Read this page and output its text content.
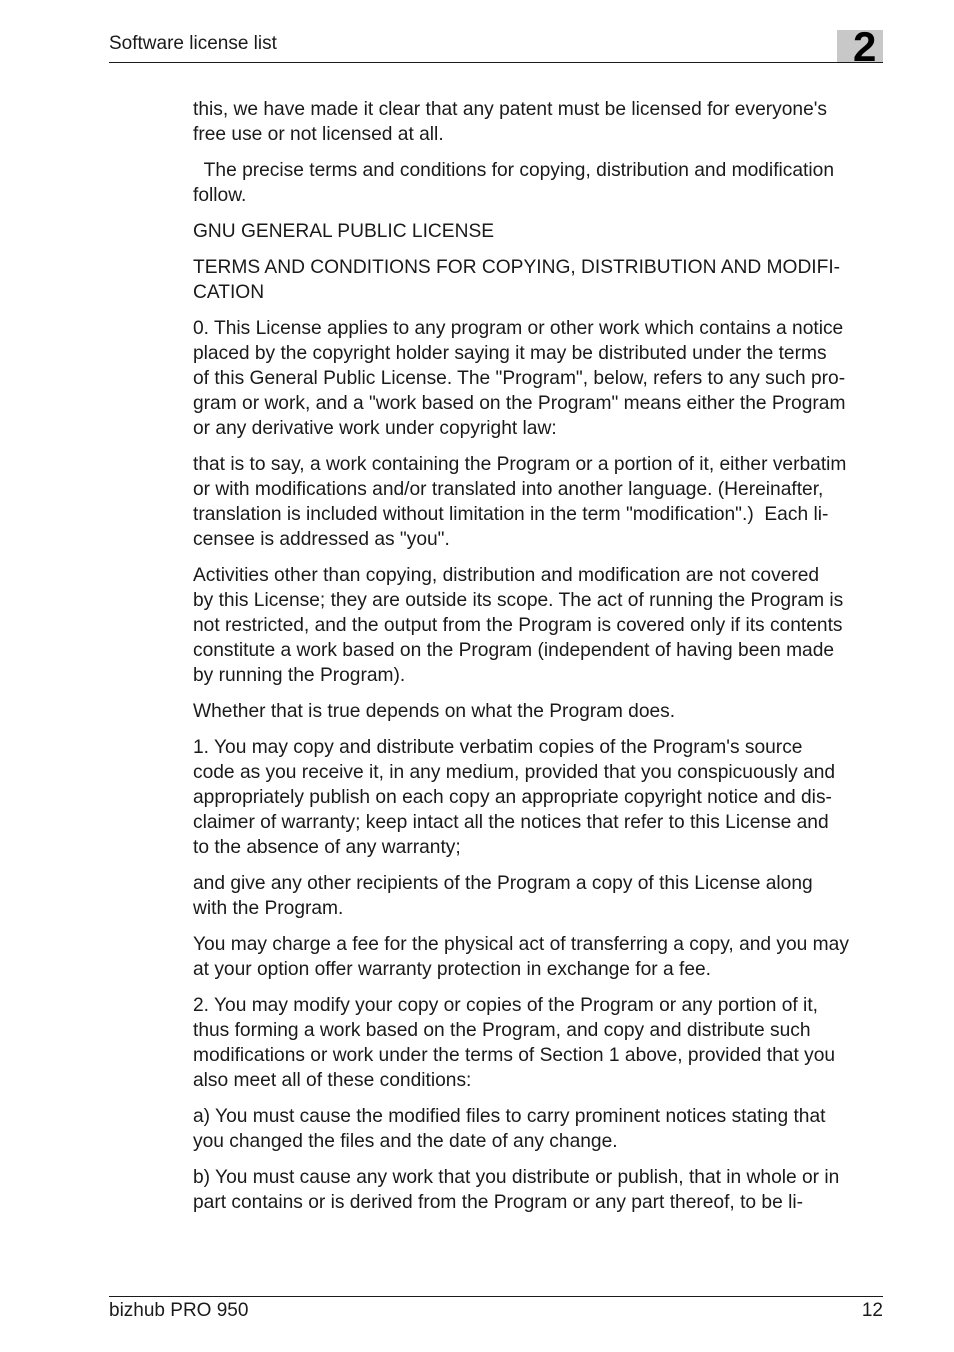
Software license list	2

this, we have made it clear that any patent must be licensed for everyone's
free use or not licensed at all.

The precise terms and conditions for copying, distribution and modification
follow.

GNU GENERAL PUBLIC LICENSE

TERMS AND CONDITIONS FOR COPYING, DISTRIBUTION AND MODIFI-
CATION

0. This License applies to any program or other work which contains a notice
placed by the copyright holder saying it may be distributed under the terms
of this General Public License. The "Program", below, refers to any such pro-
gram or work, and a "work based on the Program" means either the Program
or any derivative work under copyright law:

that is to say, a work containing the Program or a portion of it, either verbatim
or with modifications and/or translated into another language. (Hereinafter,
translation is included without limitation in the term "modification".)  Each li-
censee is addressed as "you".

Activities other than copying, distribution and modification are not covered
by this License; they are outside its scope. The act of running the Program is
not restricted, and the output from the Program is covered only if its contents
constitute a work based on the Program (independent of having been made
by running the Program).

Whether that is true depends on what the Program does.

1. You may copy and distribute verbatim copies of the Program's source
code as you receive it, in any medium, provided that you conspicuously and
appropriately publish on each copy an appropriate copyright notice and dis-
claimer of warranty; keep intact all the notices that refer to this License and
to the absence of any warranty;

and give any other recipients of the Program a copy of this License along
with the Program.

You may charge a fee for the physical act of transferring a copy, and you may
at your option offer warranty protection in exchange for a fee.

2. You may modify your copy or copies of the Program or any portion of it,
thus forming a work based on the Program, and copy and distribute such
modifications or work under the terms of Section 1 above, provided that you
also meet all of these conditions:

a) You must cause the modified files to carry prominent notices stating that
you changed the files and the date of any change.

b) You must cause any work that you distribute or publish, that in whole or in
part contains or is derived from the Program or any part thereof, to be li-

bizhub PRO 950	12
